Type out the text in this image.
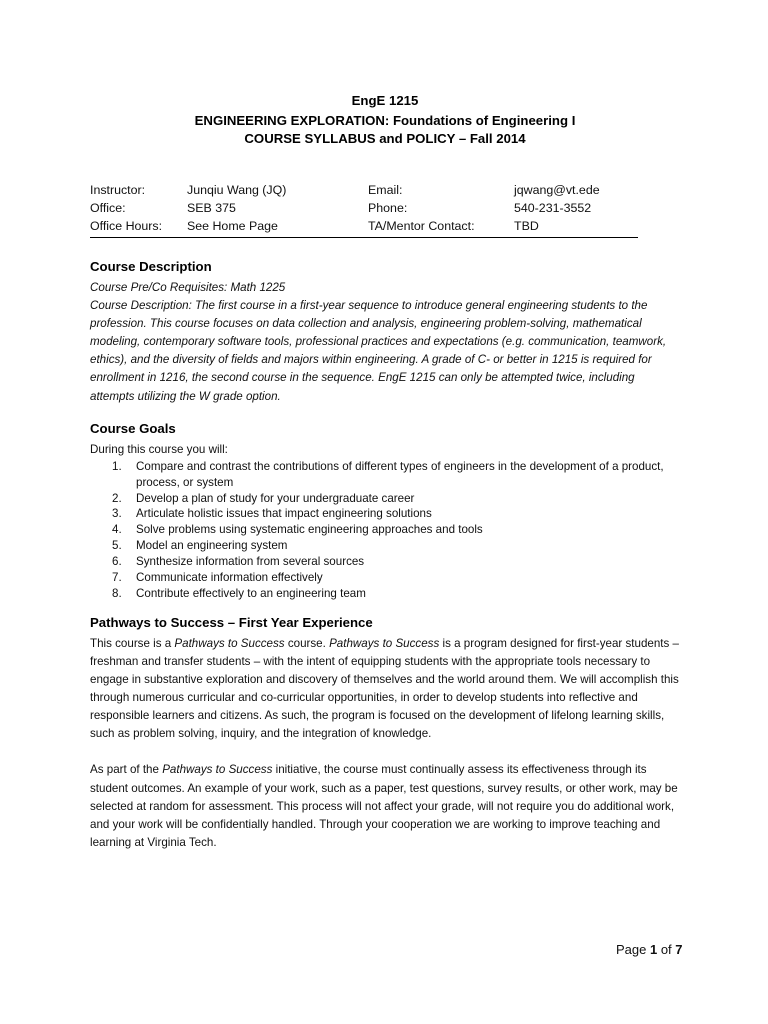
EngE 1215
ENGINEERING EXPLORATION: Foundations of Engineering I
COURSE SYLLABUS and POLICY – Fall 2014
Instructor:	Junqiu Wang (JQ)	Email:	jqwang@vt.ede
Office:	SEB 375	Phone:	540-231-3552
Office Hours:	See Home Page	TA/Mentor Contact:	TBD
Course Description

Course Pre/Co Requisites: Math 1225

Course Description: The first course in a first-year sequence to introduce general engineering students to the profession. This course focuses on data collection and analysis, engineering problem-solving, mathematical modeling, contemporary software tools, professional practices and expectations (e.g. communication, teamwork, ethics), and the diversity of fields and majors within engineering. A grade of C- or better in 1215 is required for enrollment in 1216, the second course in the sequence. EngE 1215 can only be attempted twice, including attempts utilizing the W grade option.

Course Goals

During this course you will:

1.	Compare and contrast the contributions of different types of engineers in the development of a product, process, or system
2.	Develop a plan of study for your undergraduate career
3.	Articulate holistic issues that impact engineering solutions
4.	Solve problems using systematic engineering approaches and tools
5.	Model an engineering system
6.	Synthesize information from several sources
7.	Communicate information effectively
8.	Contribute effectively to an engineering team
Pathways to Success – First Year Experience

This course is a Pathways to Success course. Pathways to Success is a program designed for first-year students – freshman and transfer students – with the intent of equipping students with the appropriate tools necessary to engage in substantive exploration and discovery of themselves and the world around them. We will accomplish this through numerous curricular and co-curricular opportunities, in order to develop students into reflective and responsible learners and citizens. As such, the program is focused on the development of lifelong learning skills, such as problem solving, inquiry, and the integration of knowledge.

As part of the Pathways to Success initiative, the course must continually assess its effectiveness through its student outcomes. An example of your work, such as a paper, test questions, survey results, or other work, may be selected at random for assessment. This process will not affect your grade, will not require you do additional work, and your work will be confidentially handled. Through your cooperation we are working to improve teaching and learning at Virginia Tech.

Page 1 of 7
